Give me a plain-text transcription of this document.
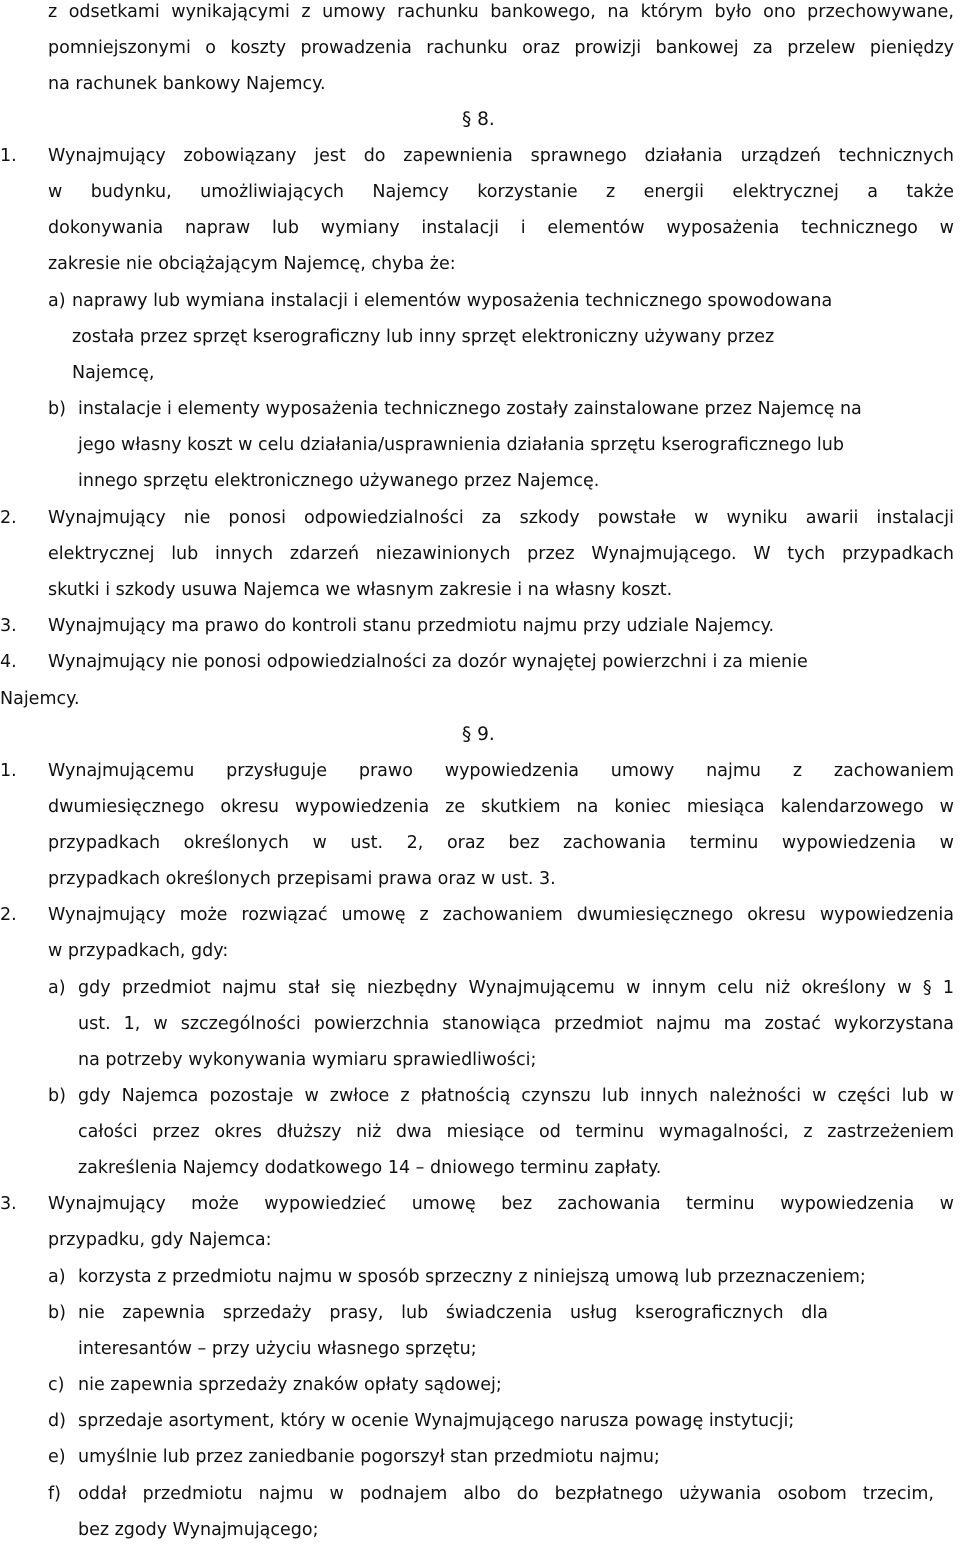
z odsetkami wynikającymi z umowy rachunku bankowego, na którym było ono przechowywane,

pomniejszonymi o koszty prowadzenia rachunku oraz prowizji bankowej za przelew pieniędzy

na rachunek bankowy Najemcy.

§ 8.

1. Wynajmujący zobowiązany jest do zapewnienia sprawnego działania urządzeń technicznych

w budynku, umożliwiających Najemcy korzystanie z energii elektrycznej a także

dokonywania napraw lub wymiany instalacji i elementów wyposażenia technicznego w

zakresie nie obciążającym Najemcę, chyba że:

a) naprawy lub wymiana instalacji i elementów wyposażenia technicznego spowodowana

została przez sprzęt kserograficzny lub inny sprzęt elektroniczny używany przez

Najemcę,

b) instalacje i elementy wyposażenia technicznego zostały zainstalowane przez Najemcę na

jego własny koszt w celu działania/usprawnienia działania sprzętu kserograficznego lub

innego sprzętu elektronicznego używanego przez Najemcę.

2. Wynajmujący nie ponosi odpowiedzialności za szkody powstałe w wyniku awarii instalacji

elektrycznej lub innych zdarzeń niezawinionych przez Wynajmującego. W tych przypadkach

skutki i szkody usuwa Najemca we własnym zakresie i na własny koszt.

3. Wynajmujący ma prawo do kontroli stanu przedmiotu najmu przy udziale Najemcy.

4. Wynajmujący nie ponosi odpowiedzialności za dozór wynajętej powierzchni i za mienie

Najemcy.

§ 9.

1. Wynajmującemu przysługuje prawo wypowiedzenia umowy najmu z zachowaniem

dwumiesięcznego okresu wypowiedzenia ze skutkiem na koniec miesiąca kalendarzowego w

przypadkach określonych w ust. 2, oraz bez zachowania terminu wypowiedzenia w

przypadkach określonych przepisami prawa oraz w ust. 3.

2. Wynajmujący może rozwiązać umowę z zachowaniem dwumiesięcznego okresu wypowiedzenia

w przypadkach, gdy:

a) gdy przedmiot najmu stał się niezbędny Wynajmującemu w innym celu niż określony w § 1

ust. 1, w szczególności powierzchnia stanowiąca przedmiot najmu ma zostać wykorzystana

na potrzeby wykonywania wymiaru sprawiedliwości;

b) gdy Najemca pozostaje w zwłoce z płatnością czynszu lub innych należności w części lub w

całości przez okres dłuższy niż dwa miesiące od terminu wymagalności, z zastrzeżeniem

zakreślenia Najemcy dodatkowego 14 – dniowego terminu zapłaty.

3. Wynajmujący może wypowiedzieć umowę bez zachowania terminu wypowiedzenia w

przypadku, gdy Najemca:

a) korzysta z przedmiotu najmu w sposób sprzeczny z niniejszą umową lub przeznaczeniem;

b) nie zapewnia sprzedaży prasy, lub świadczenia usług kserograficznych dla

interesantów – przy użyciu własnego sprzętu;

c) nie zapewnia sprzedaży znaków opłaty sądowej;

d) sprzedaje asortyment, który w ocenie Wynajmującego narusza powagę instytucji;

e) umyślnie lub przez zaniedbanie pogorszył stan przedmiotu najmu;

f) oddał przedmiotu najmu w podnajem albo do bezpłatnego używania osobom trzecim,

bez zgody Wynajmującego;
